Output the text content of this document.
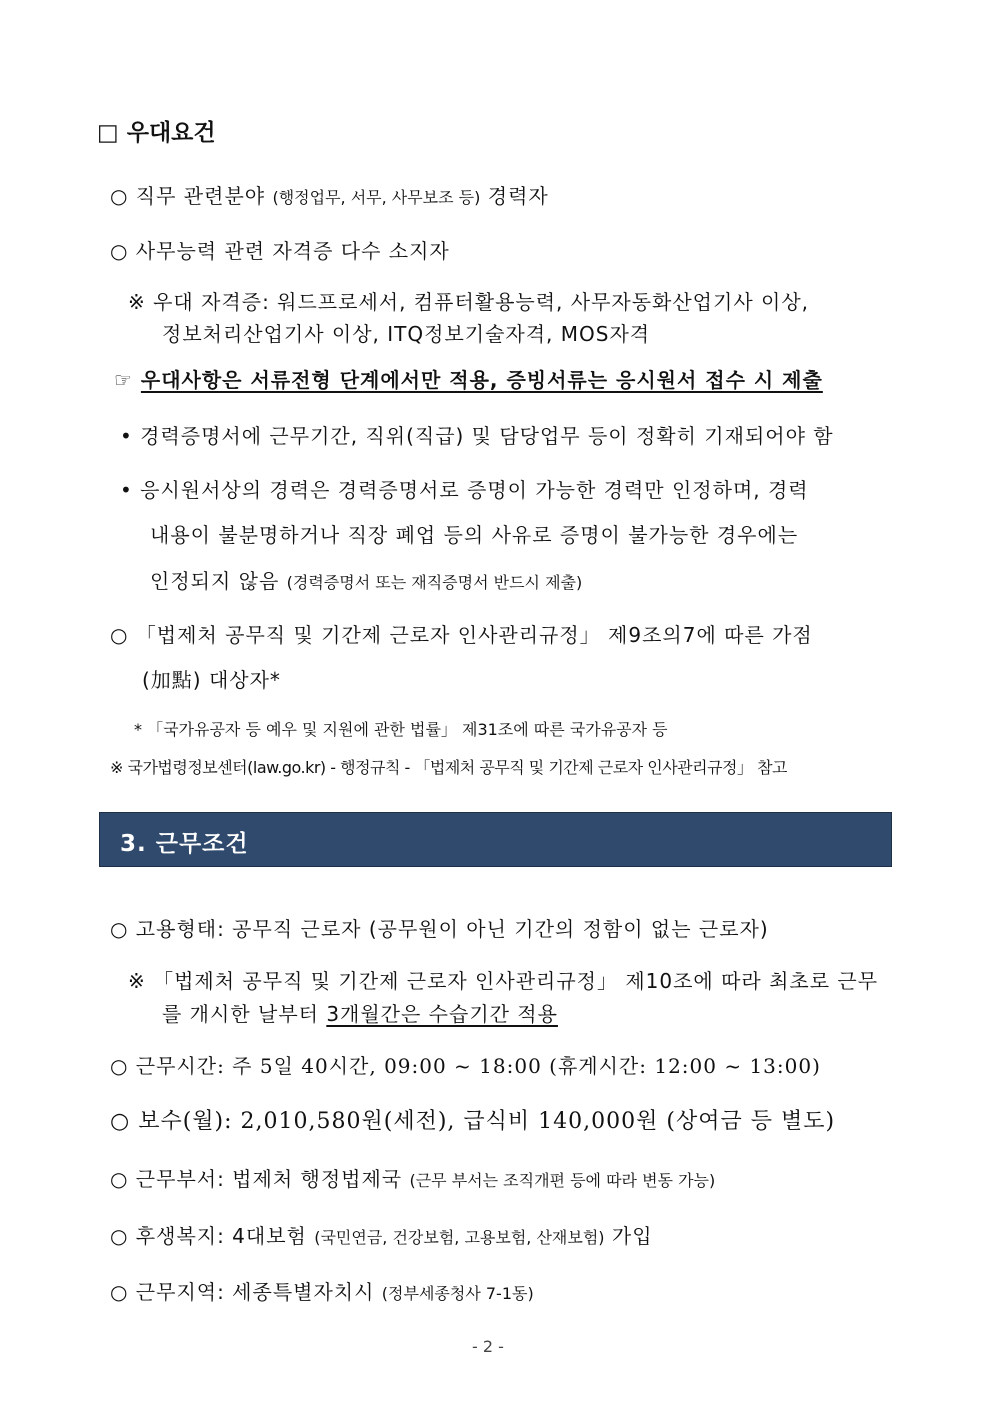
□ 우대요건
○ 직무 관련분야 (행정업무, 서무, 사무보조 등) 경력자
○ 사무능력 관련 자격증 다수 소지자
※ 우대 자격증: 워드프로세서, 컴퓨터활용능력, 사무자동화산업기사 이상,
정보처리산업기사 이상, ITQ정보기술자격, MOS자격
☞ 우대사항은 서류전형 단계에서만 적용, 증빙서류는 응시원서 접수 시 제출
• 경력증명서에 근무기간, 직위(직급) 및 담당업무 등이 정확히 기재되어야 함
• 응시원서상의 경력은 경력증명서로 증명이 가능한 경력만 인정하며, 경력
내용이 불분명하거나 직장 폐업 등의 사유로 증명이 불가능한 경우에는
인정되지 않음 (경력증명서 또는 재직증명서 반드시 제출)
○ 「법제처 공무직 및 기간제 근로자 인사관리규정」 제9조의7에 따른 가점
(加點) 대상자*
* 「국가유공자 등 예우 및 지원에 관한 법률」 제31조에 따른 국가유공자 등
※ 국가법령정보센터(law.go.kr) - 행정규칙 - 「법제처 공무직 및 기간제 근로자 인사관리규정」 참고
3. 근무조건
○ 고용형태: 공무직 근로자 (공무원이 아닌 기간의 정함이 없는 근로자)
※ 「법제처 공무직 및 기간제 근로자 인사관리규정」 제10조에 따라 최초로 근무
를 개시한 날부터 3개월간은 수습기간 적용
○ 근무시간: 주 5일 40시간, 09:00 ~ 18:00 (휴게시간: 12:00 ~ 13:00)
○ 보수(월): 2,010,580원(세전), 급식비 140,000원 (상여금 등 별도)
○ 근무부서: 법제처 행정법제국 (근무 부서는 조직개편 등에 따라 변동 가능)
○ 후생복지: 4대보험 (국민연금, 건강보험, 고용보험, 산재보험) 가입
○ 근무지역: 세종특별자치시 (정부세종청사 7-1동)
- 2 -
